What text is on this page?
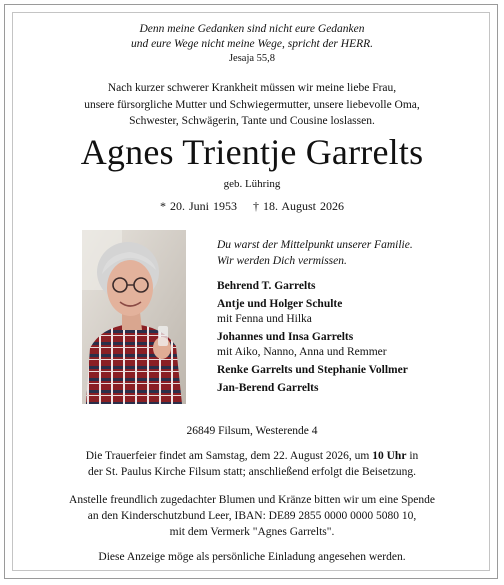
Denn meine Gedanken sind nicht eure Gedanken
und eure Wege nicht meine Wege, spricht der HERR.
Jesaja 55,8
Nach kurzer schwerer Krankheit müssen wir meine liebe Frau,
unsere fürsorgliche Mutter und Schwiegermutter, unsere liebevolle Oma,
Schwester, Schwägerin, Tante und Cousine loslassen.
Agnes Trientje Garrelts
geb. Lühring
* 20. Juni 1953    † 18. August 2026
Du warst der Mittelpunkt unserer Familie.
Wir werden Dich vermissen.
Behrend T. Garrelts
Antje und Holger Schulte
mit Fenna und Hilka
Johannes und Insa Garrelts
mit Aiko, Nanno, Anna und Remmer
Renke Garrelts und Stephanie Vollmer
Jan-Berend Garrelts
26849 Filsum, Westerende 4
Die Trauerfeier findet am Samstag, dem 22. August 2026, um 10 Uhr in
der St. Paulus Kirche Filsum statt; anschließend erfolgt die Beisetzung.
Anstelle freundlich zugedachter Blumen und Kränze bitten wir um eine Spende
an den Kinderschutzbund Leer, IBAN: DE89 2855 0000 0000 5080 10,
mit dem Vermerk "Agnes Garrelts".
Diese Anzeige möge als persönliche Einladung angesehen werden.
